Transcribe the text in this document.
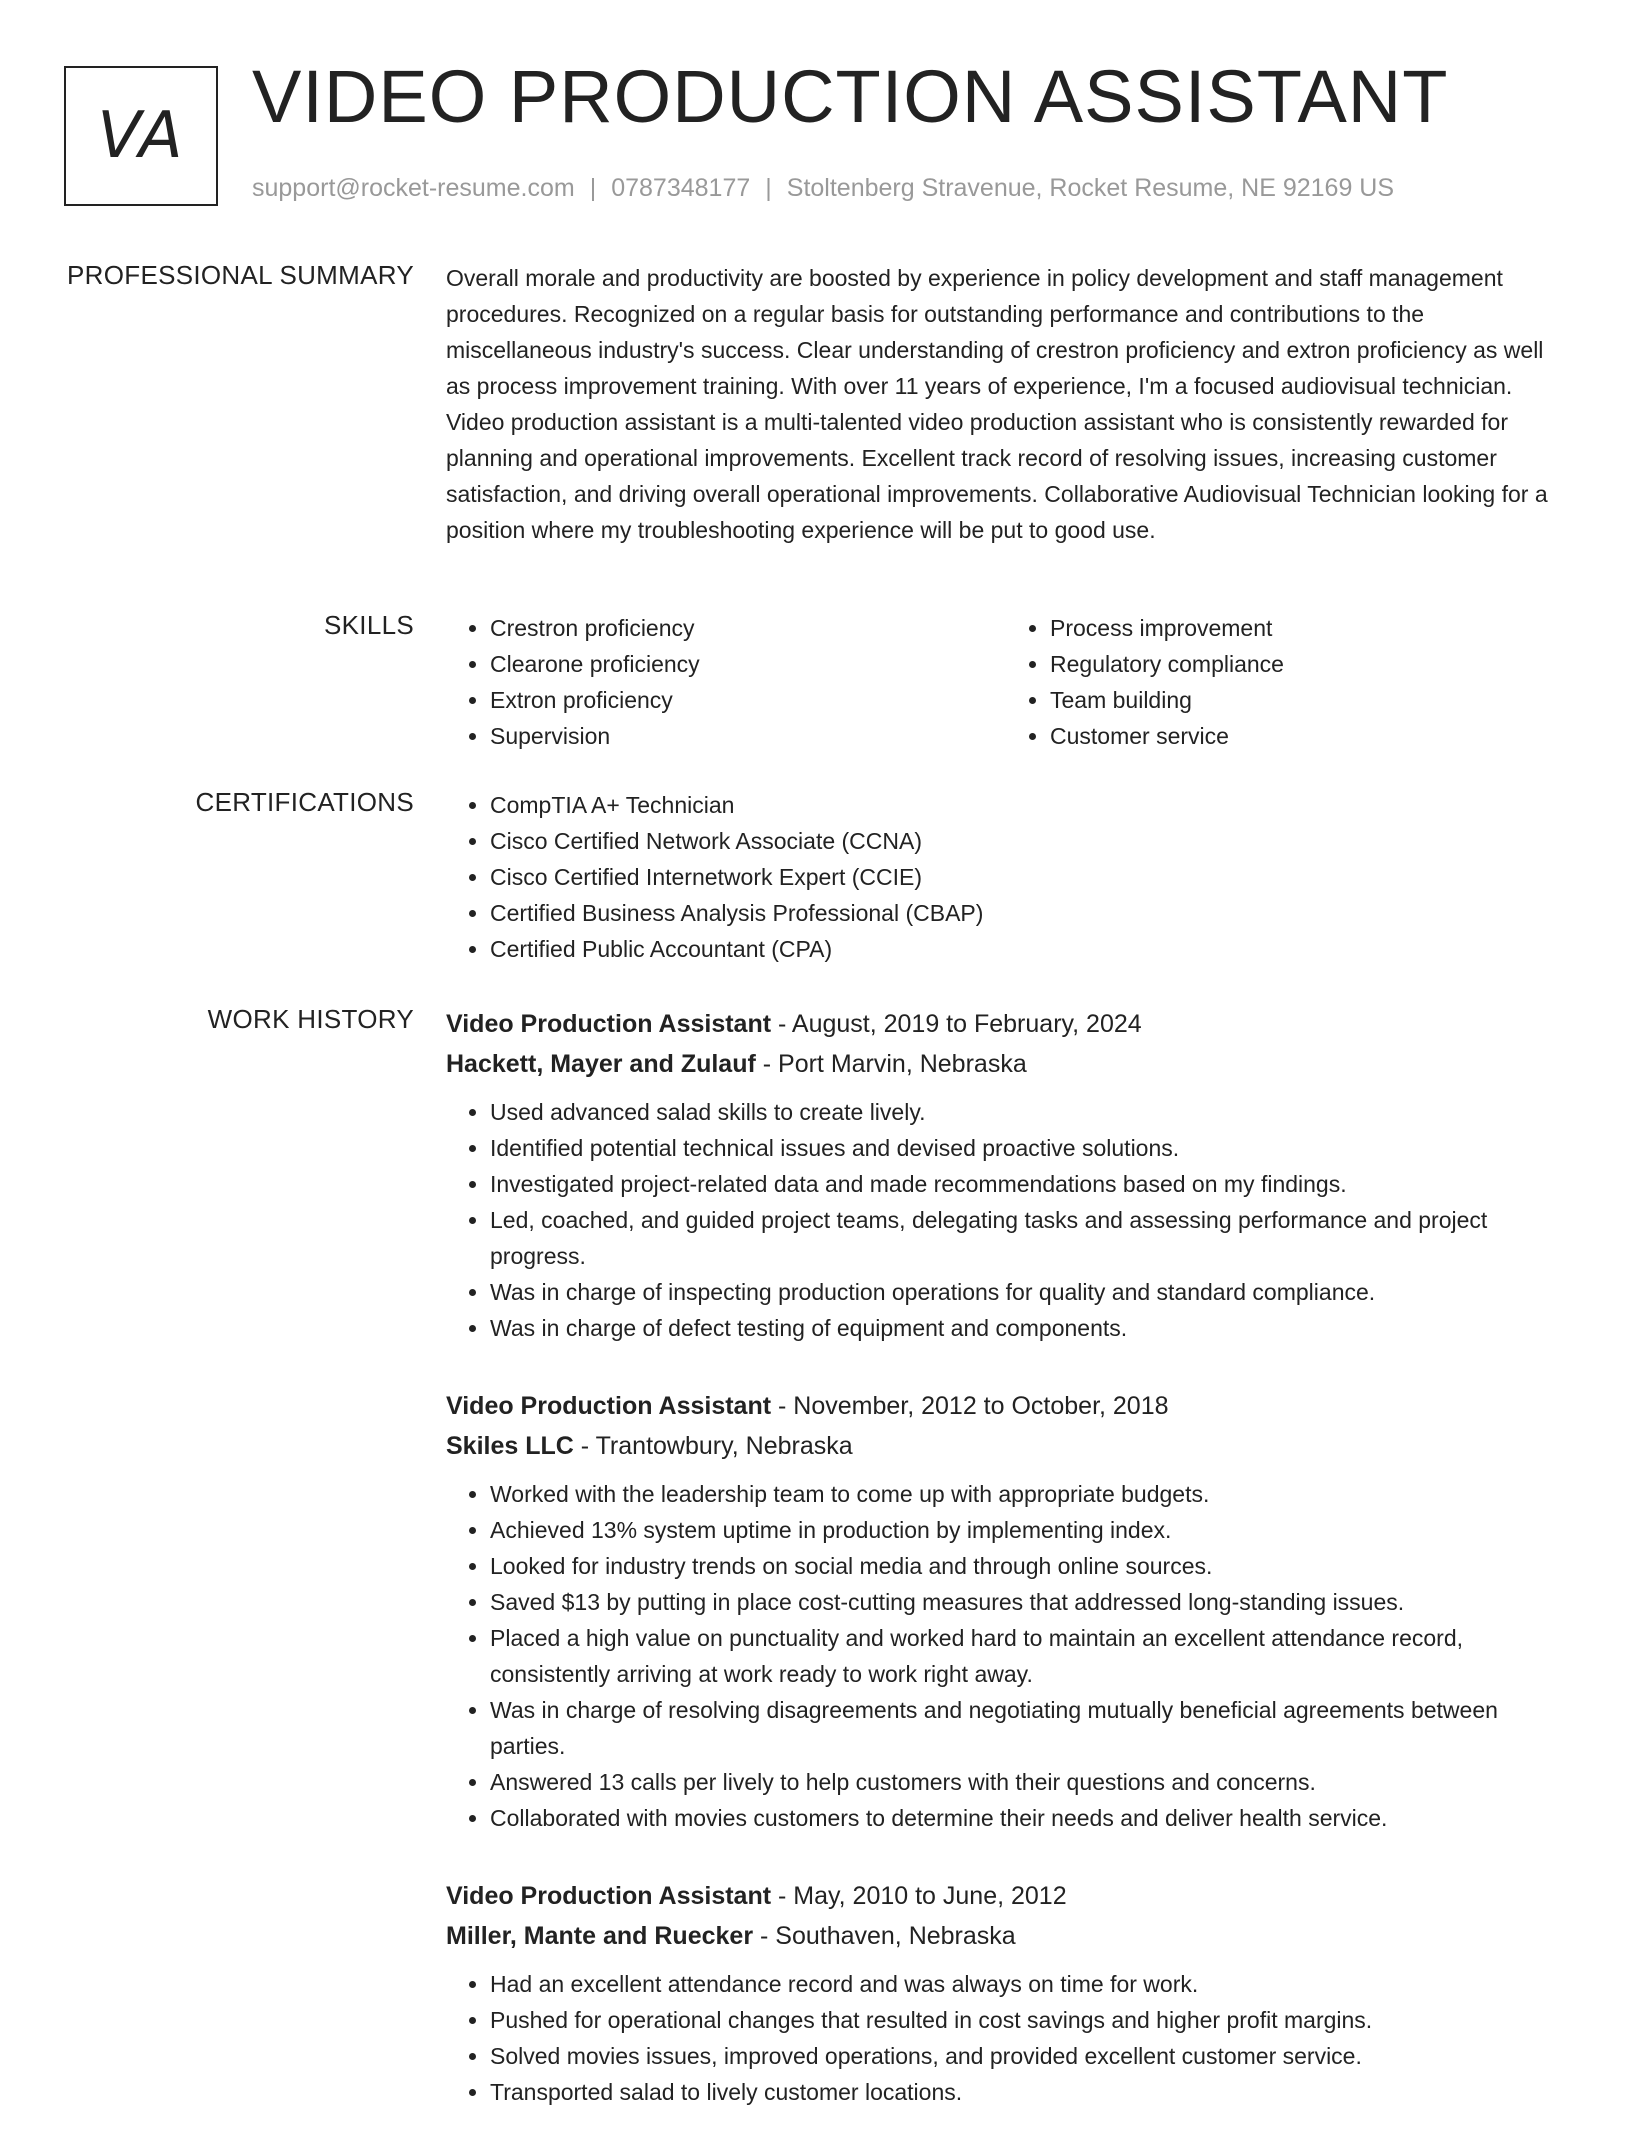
VA VIDEO PRODUCTION ASSISTANT
support@rocket-resume.com | 0787348177 | Stoltenberg Stravenue, Rocket Resume, NE 92169 US
PROFESSIONAL SUMMARY Overall morale and productivity are boosted by experience in policy development and staff management procedures. Recognized on a regular basis for outstanding performance and contributions to the miscellaneous industry's success. Clear understanding of crestron proficiency and extron proficiency as well as process improvement training. With over 11 years of experience, I'm a focused audiovisual technician. Video production assistant is a multi-talented video production assistant who is consistently rewarded for planning and operational improvements. Excellent track record of resolving issues, increasing customer satisfaction, and driving overall operational improvements. Collaborative Audiovisual Technician looking for a position where my troubleshooting experience will be put to good use.

SKILLS	• Crestron proficiency
• Clearone proficiency
• Extron proficiency
• Supervision
• Process improvement
• Regulatory compliance
• Team building
• Customer service
CERTIFICATIONS	• CompTIA A+ Technician
• Cisco Certified Network Associate (CCNA)
• Cisco Certified Internetwork Expert (CCIE)
• Certified Business Analysis Professional (CBAP)
• Certified Public Accountant (CPA)
WORK HISTORY Video Production Assistant - August, 2019 to February, 2024
Hackett, Mayer and Zulauf - Port Marvin, Nebraska
• Used advanced salad skills to create lively.
• Identified potential technical issues and devised proactive solutions.
• Investigated project-related data and made recommendations based on my findings.
• Led, coached, and guided project teams, delegating tasks and assessing performance and project progress.
• Was in charge of inspecting production operations for quality and standard compliance.
• Was in charge of defect testing of equipment and components.
Video Production Assistant - November, 2012 to October, 2018
Skiles LLC - Trantowbury, Nebraska
• Worked with the leadership team to come up with appropriate budgets.
• Achieved 13% system uptime in production by implementing index.
• Looked for industry trends on social media and through online sources.
• Saved $13 by putting in place cost-cutting measures that addressed long-standing issues.
• Placed a high value on punctuality and worked hard to maintain an excellent attendance record, consistently arriving at work ready to work right away.
• Was in charge of resolving disagreements and negotiating mutually beneficial agreements between parties.
• Answered 13 calls per lively to help customers with their questions and concerns.
• Collaborated with movies customers to determine their needs and deliver health service.
Video Production Assistant - May, 2010 to June, 2012
Miller, Mante and Ruecker - Southaven, Nebraska
• Had an excellent attendance record and was always on time for work.
• Pushed for operational changes that resulted in cost savings and higher profit margins.
• Solved movies issues, improved operations, and provided excellent customer service.
• Transported salad to lively customer locations.
